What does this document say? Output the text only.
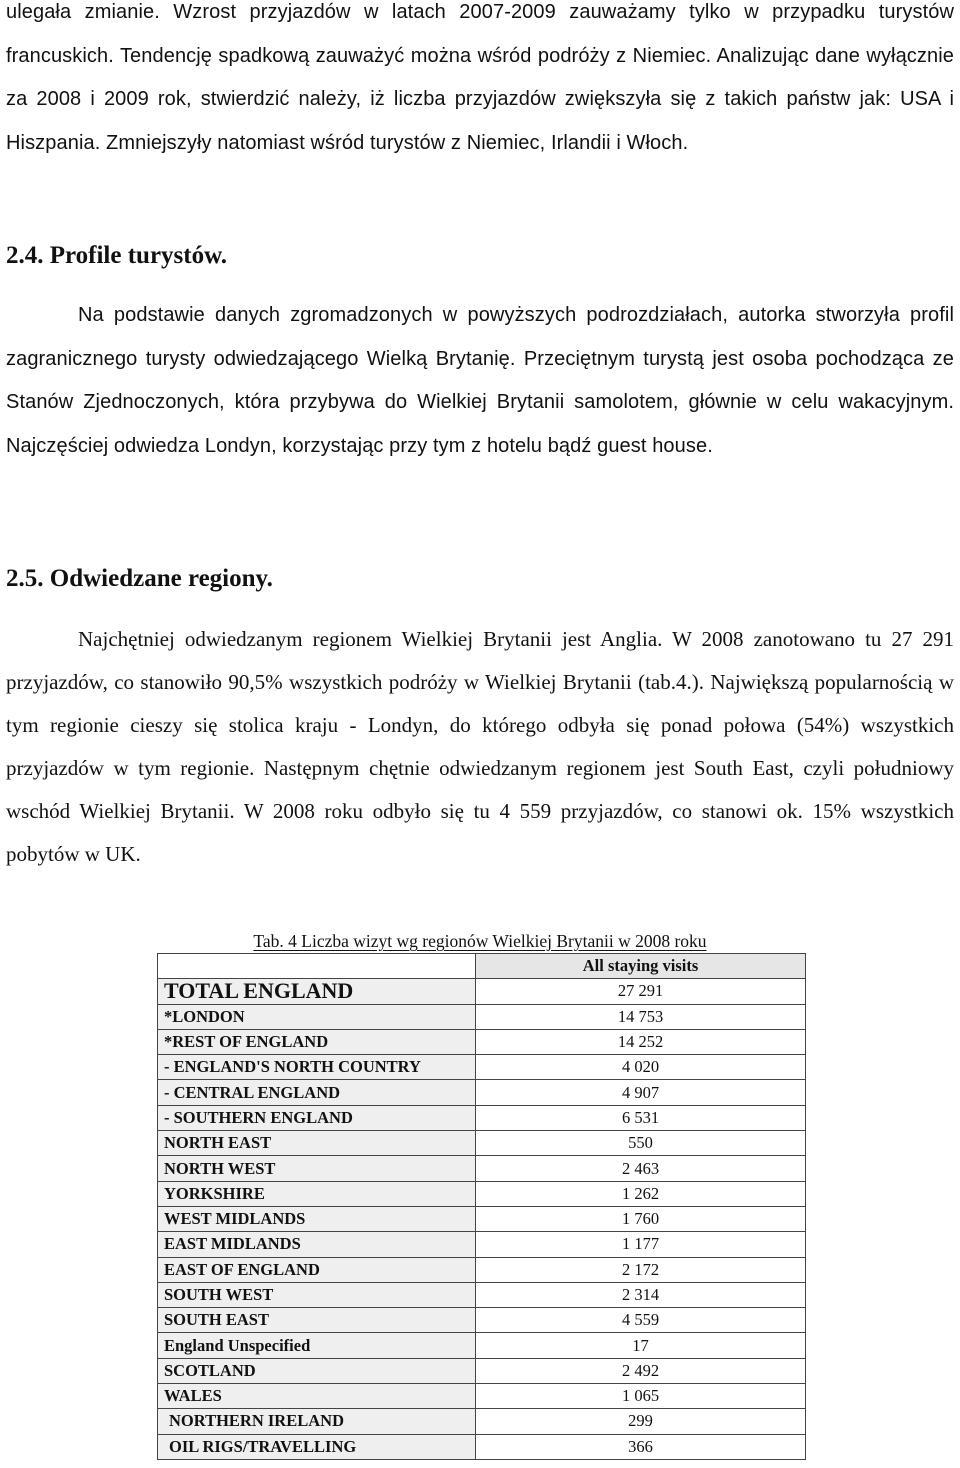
ulegała zmianie. Wzrost przyjazdów w latach 2007-2009 zauważamy tylko w przypadku turystów francuskich. Tendencję spadkową zauważyć można wśród podróży z Niemiec. Analizując dane wyłącznie za 2008 i 2009 rok, stwierdzić należy, iż liczba przyjazdów zwiększyła się z takich państw jak: USA i Hiszpania. Zmniejszyły natomiast wśród turystów z Niemiec, Irlandii i Włoch.

2.4. Profile turystów.

Na podstawie danych zgromadzonych w powyższych podrozdziałach, autorka stworzyła profil zagranicznego turysty odwiedzającego Wielką Brytanię. Przeciętnym turystą jest osoba pochodząca ze Stanów Zjednoczonych, która przybywa do Wielkiej Brytanii samolotem, głównie w celu wakacyjnym. Najczęściej odwiedza Londyn, korzystając przy tym z hotelu bądź guest house.

2.5. Odwiedzane regiony.

Najchętniej odwiedzanym regionem Wielkiej Brytanii jest Anglia. W 2008 zanotowano tu 27 291 przyjazdów, co stanowiło 90,5% wszystkich podróży w Wielkiej Brytanii (tab.4.). Największą popularnością w tym regionie cieszy się stolica kraju - Londyn, do którego odbyła się ponad połowa (54%) wszystkich przyjazdów w tym regionie. Następnym chętnie odwiedzanym regionem jest South East, czyli południowy wschód Wielkiej Brytanii. W 2008 roku odbyło się tu 4 559 przyjazdów, co stanowi ok. 15% wszystkich pobytów w UK.

Tab. 4 Liczba wizyt wg regionów Wielkiej Brytanii w 2008 roku

	All staying visits
TOTAL ENGLAND	27 291
*LONDON	14 753
*REST OF ENGLAND	14 252
- ENGLAND'S NORTH COUNTRY	4 020
- CENTRAL ENGLAND	4 907
- SOUTHERN ENGLAND	6 531
NORTH EAST	550
NORTH WEST	2 463
YORKSHIRE	1 262
WEST MIDLANDS	1 760
EAST MIDLANDS	1 177
EAST OF ENGLAND	2 172
SOUTH WEST	2 314
SOUTH EAST	4 559
England Unspecified	17
SCOTLAND	2 492
WALES	1 065
NORTHERN IRELAND	299
OIL RIGS/TRAVELLING	366
